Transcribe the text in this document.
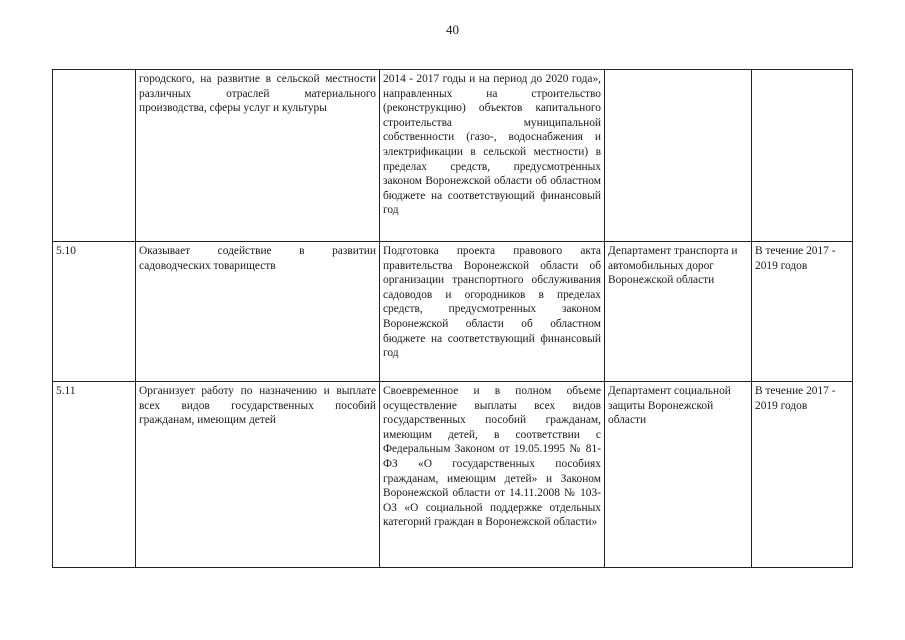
40

	городского, на развитие в сельской местности различных отраслей материального производства, сферы услуг и культуры	2014 - 2017 годы и на период до 2020 года», направленных на строительство (реконструкцию) объектов капитального строительства муниципальной собственности (газо-, водоснабжения и электрификации в сельской местности) в пределах средств, предусмотренных законом Воронежской области об областном бюджете на соответствующий финансовый год		

5.10	Оказывает содействие в развитии садоводческих товариществ	Подготовка проекта правового акта правительства Воронежской области об организации транспортного обслуживания садоводов и огородников в пределах средств, предусмотренных законом Воронежской области об областном бюджете на соответствующий финансовый год	Департамент транспорта и автомобильных дорог Воронежской области	В течение 2017 - 2019 годов

5.11	Организует работу по назначению и выплате всех видов государственных пособий гражданам, имеющим детей	Своевременное и в полном объеме осуществление выплаты всех видов государственных пособий гражданам, имеющим детей, в соответствии с Федеральным Законом от 19.05.1995 № 81-ФЗ «О государственных пособиях гражданам, имеющим детей» и Законом Воронежской области от 14.11.2008 № 103-ОЗ «О социальной поддержке отдельных категорий граждан в Воронежской области»	Департамент социальной защиты Воронежской области	В течение 2017 - 2019 годов
